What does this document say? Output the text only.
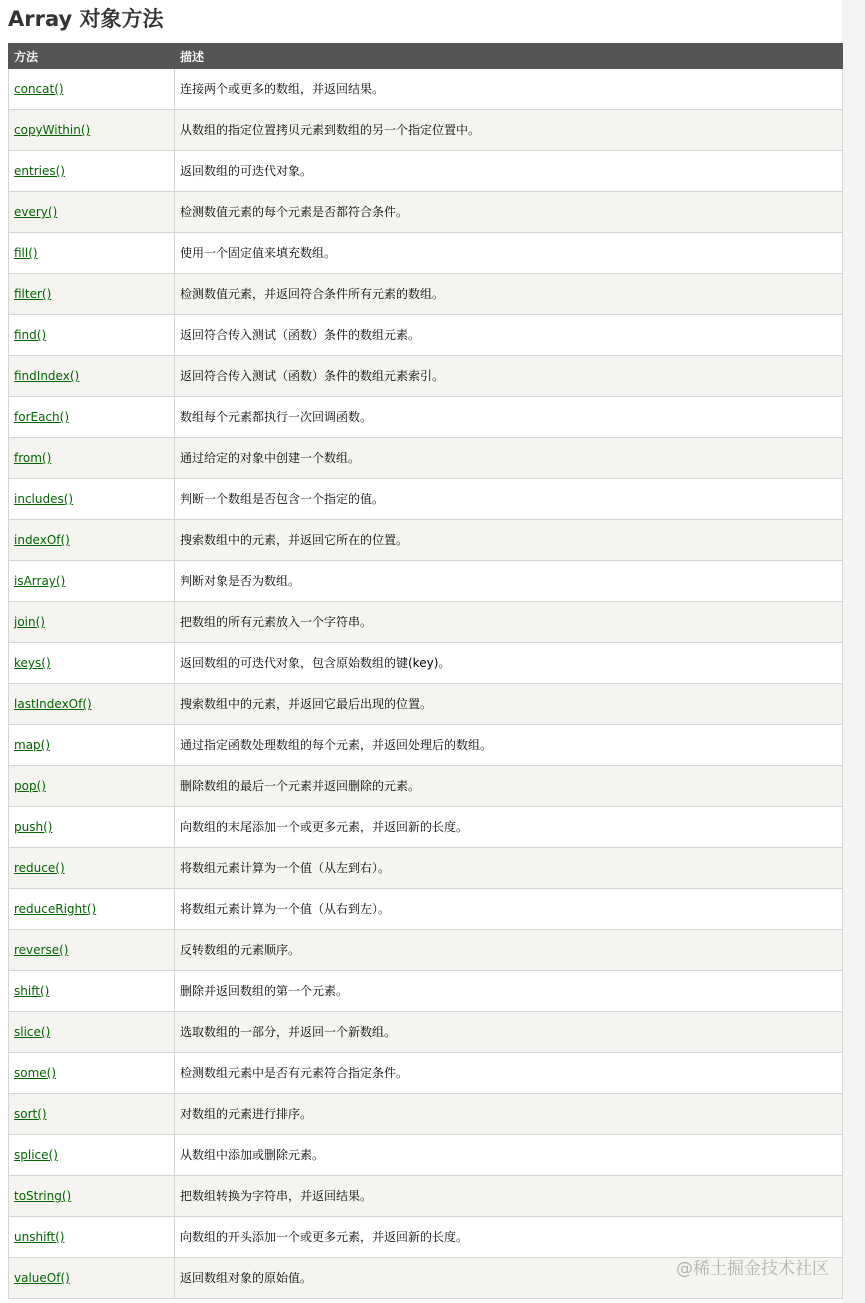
Array 对象方法
方法	描述
concat()	连接两个或更多的数组，并返回结果。
copyWithin()	从数组的指定位置拷贝元素到数组的另一个指定位置中。
entries()	返回数组的可迭代对象。
every()	检测数值元素的每个元素是否都符合条件。
fill()	使用一个固定值来填充数组。
filter()	检测数值元素，并返回符合条件所有元素的数组。
find()	返回符合传入测试（函数）条件的数组元素。
findIndex()	返回符合传入测试（函数）条件的数组元素索引。
forEach()	数组每个元素都执行一次回调函数。
from()	通过给定的对象中创建一个数组。
includes()	判断一个数组是否包含一个指定的值。
indexOf()	搜索数组中的元素，并返回它所在的位置。
isArray()	判断对象是否为数组。
join()	把数组的所有元素放入一个字符串。
keys()	返回数组的可迭代对象，包含原始数组的键(key)。
lastIndexOf()	搜索数组中的元素，并返回它最后出现的位置。
map()	通过指定函数处理数组的每个元素，并返回处理后的数组。
pop()	删除数组的最后一个元素并返回删除的元素。
push()	向数组的末尾添加一个或更多元素，并返回新的长度。
reduce()	将数组元素计算为一个值（从左到右）。
reduceRight()	将数组元素计算为一个值（从右到左）。
reverse()	反转数组的元素顺序。
shift()	删除并返回数组的第一个元素。
slice()	选取数组的一部分，并返回一个新数组。
some()	检测数组元素中是否有元素符合指定条件。
sort()	对数组的元素进行排序。
splice()	从数组中添加或删除元素。
toString()	把数组转换为字符串，并返回结果。
unshift()	向数组的开头添加一个或更多元素，并返回新的长度。
valueOf()	返回数组对象的原始值。	@稀土掘金技术社区
